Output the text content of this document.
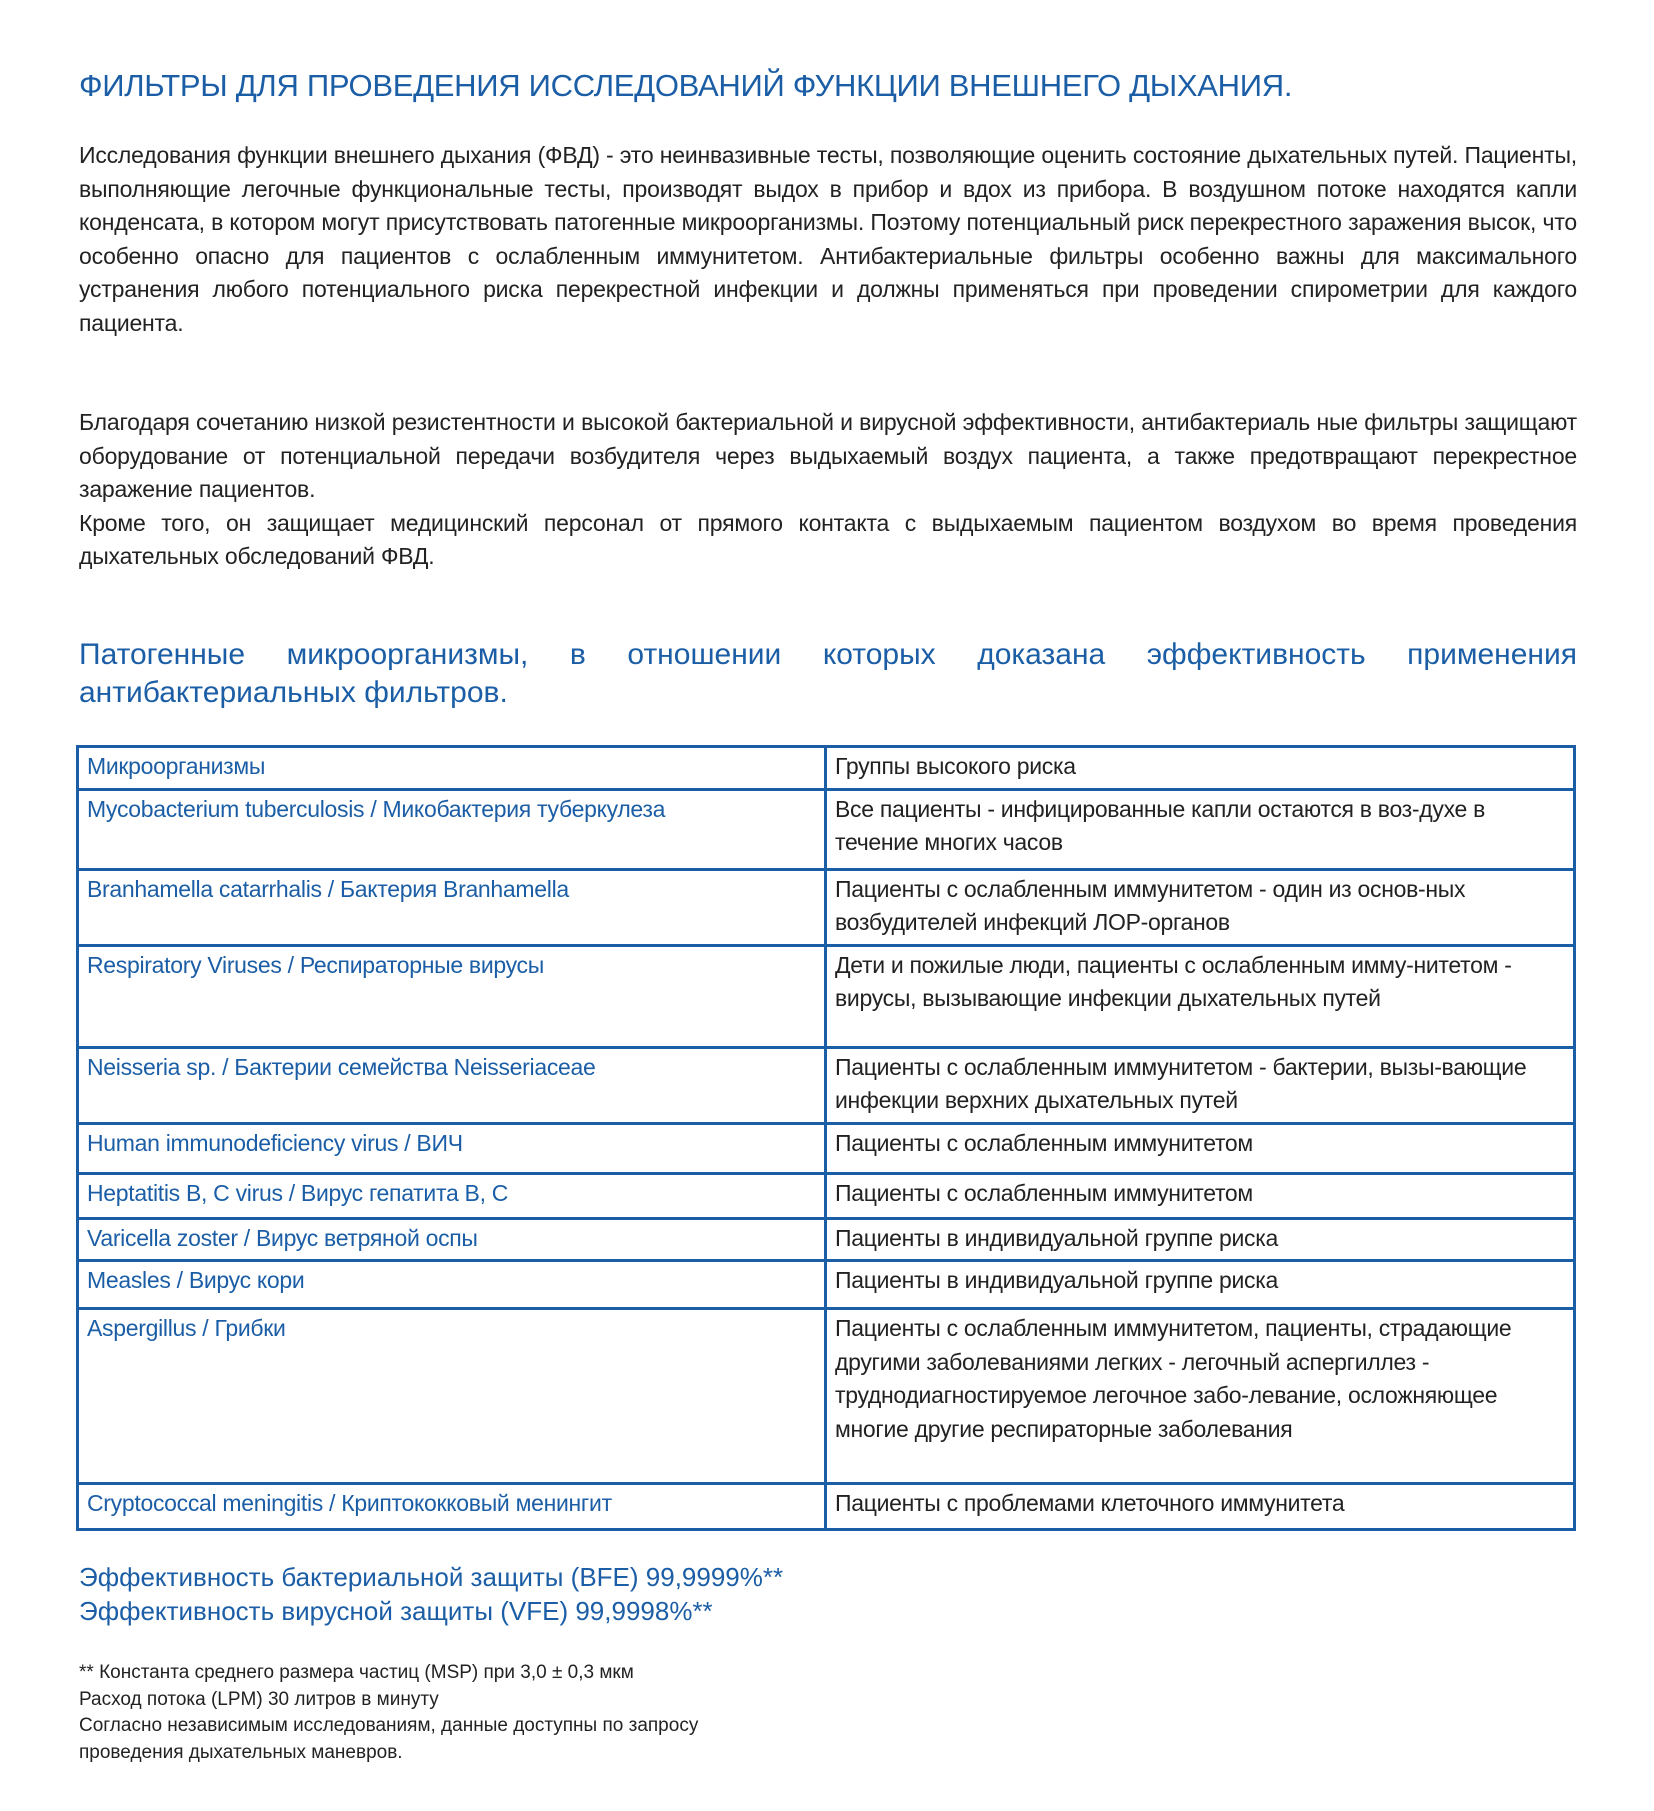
ФИЛЬТРЫ ДЛЯ ПРОВЕДЕНИЯ ИССЛЕДОВАНИЙ ФУНКЦИИ ВНЕШНЕГО ДЫХАНИЯ.
Исследования функции внешнего дыхания (ФВД) - это неинвазивные тесты, позволяющие оценить состояние дыхательных путей. Пациенты, выполняющие легочные функциональные тесты, производят выдох в прибор и вдох из прибора. В воздушном потоке находятся капли конденсата, в котором могут присутствовать патогенные микроорганизмы. Поэтому потенциальный риск перекрестного заражения высок, что особенно опасно для пациентов с ослабленным иммунитетом. Антибактериальные фильтры особенно важны для максимального устранения любого потенциального риска перекрестной инфекции и должны применяться при проведении спирометрии для каждого пациента.
Благодаря сочетанию низкой резистентности и высокой бактериальной и вирусной эффективности, антибактериаль ные фильтры защищают оборудование от потенциальной передачи возбудителя через выдыхаемый воздух пациента, а также предотвращают перекрестное заражение пациентов.
Кроме того, он защищает медицинский персонал от прямого контакта с выдыхаемым пациентом воздухом во время проведения дыхательных обследований ФВД.
Патогенные микроорганизмы, в отношении которых доказана эффективность применения антибактериальных фильтров.
Микроорганизмы	Группы высокого риска
Mycobacterium tuberculosis / Микобактерия туберкулеза	Все пациенты - инфицированные капли остаются в воз-духе в течение многих часов
Branhamella catarrhalis / Бактерия Branhamella	Пациенты с ослабленным иммунитетом - один из основ-ных возбудителей инфекций ЛОР-органов
Respiratory Viruses / Респираторные вирусы	Дети и пожилые люди, пациенты с ослабленным имму-нитетом - вирусы, вызывающие инфекции дыхательных путей
Neisseria sp. / Бактерии семейства Neisseriaceae	Пациенты с ослабленным иммунитетом - бактерии, вызы-вающие инфекции верхних дыхательных путей
Human immunodeficiency virus / ВИЧ	Пациенты с ослабленным иммунитетом
Heptatitis B, C virus / Вирус гепатита B, C	Пациенты с ослабленным иммунитетом
Varicella zoster / Вирус ветряной оспы	Пациенты в индивидуальной группе риска
Measles / Вирус кори	Пациенты в индивидуальной группе риска
Aspergillus / Грибки	Пациенты с ослабленным иммунитетом, пациенты, страдающие другими заболеваниями легких - легочный аспергиллез - труднодиагностируемое легочное забо-левание, осложняющее многие другие респираторные заболевания
Cryptococcal meningitis / Криптококковый менингит	Пациенты с проблемами клеточного иммунитета
Эффективность бактериальной защиты (BFE) 99,9999%**
Эффективность вирусной защиты (VFE) 99,9998%**
** Константа среднего размера частиц (MSP) при 3,0 ± 0,3 мкм
Расход потока (LPM) 30 литров в минуту
Согласно независимым исследованиям, данные доступны по запросу
проведения дыхательных маневров.
